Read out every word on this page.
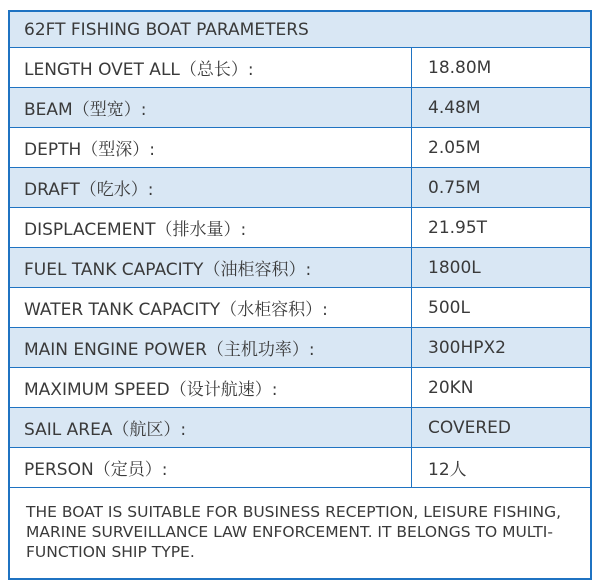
62FT FISHING BOAT PARAMETERS
LENGTH OVET ALL（总长）:	18.80M
BEAM（型宽）:	4.48M
DEPTH（型深）:	2.05M
DRAFT（吃水）:	0.75M
DISPLACEMENT（排水量）:	21.95T
FUEL TANK CAPACITY（油柜容积）:	1800L
WATER TANK CAPACITY（水柜容积）:	500L
MAIN ENGINE POWER（主机功率）:	300HPX2
MAXIMUM SPEED（设计航速）:	20KN
SAIL AREA（航区）:	COVERED
PERSON（定员）:	12人
THE BOAT IS SUITABLE FOR BUSINESS RECEPTION, LEISURE FISHING, MARINE SURVEILLANCE LAW ENFORCEMENT. IT BELONGS TO MULTI-FUNCTION SHIP TYPE.
